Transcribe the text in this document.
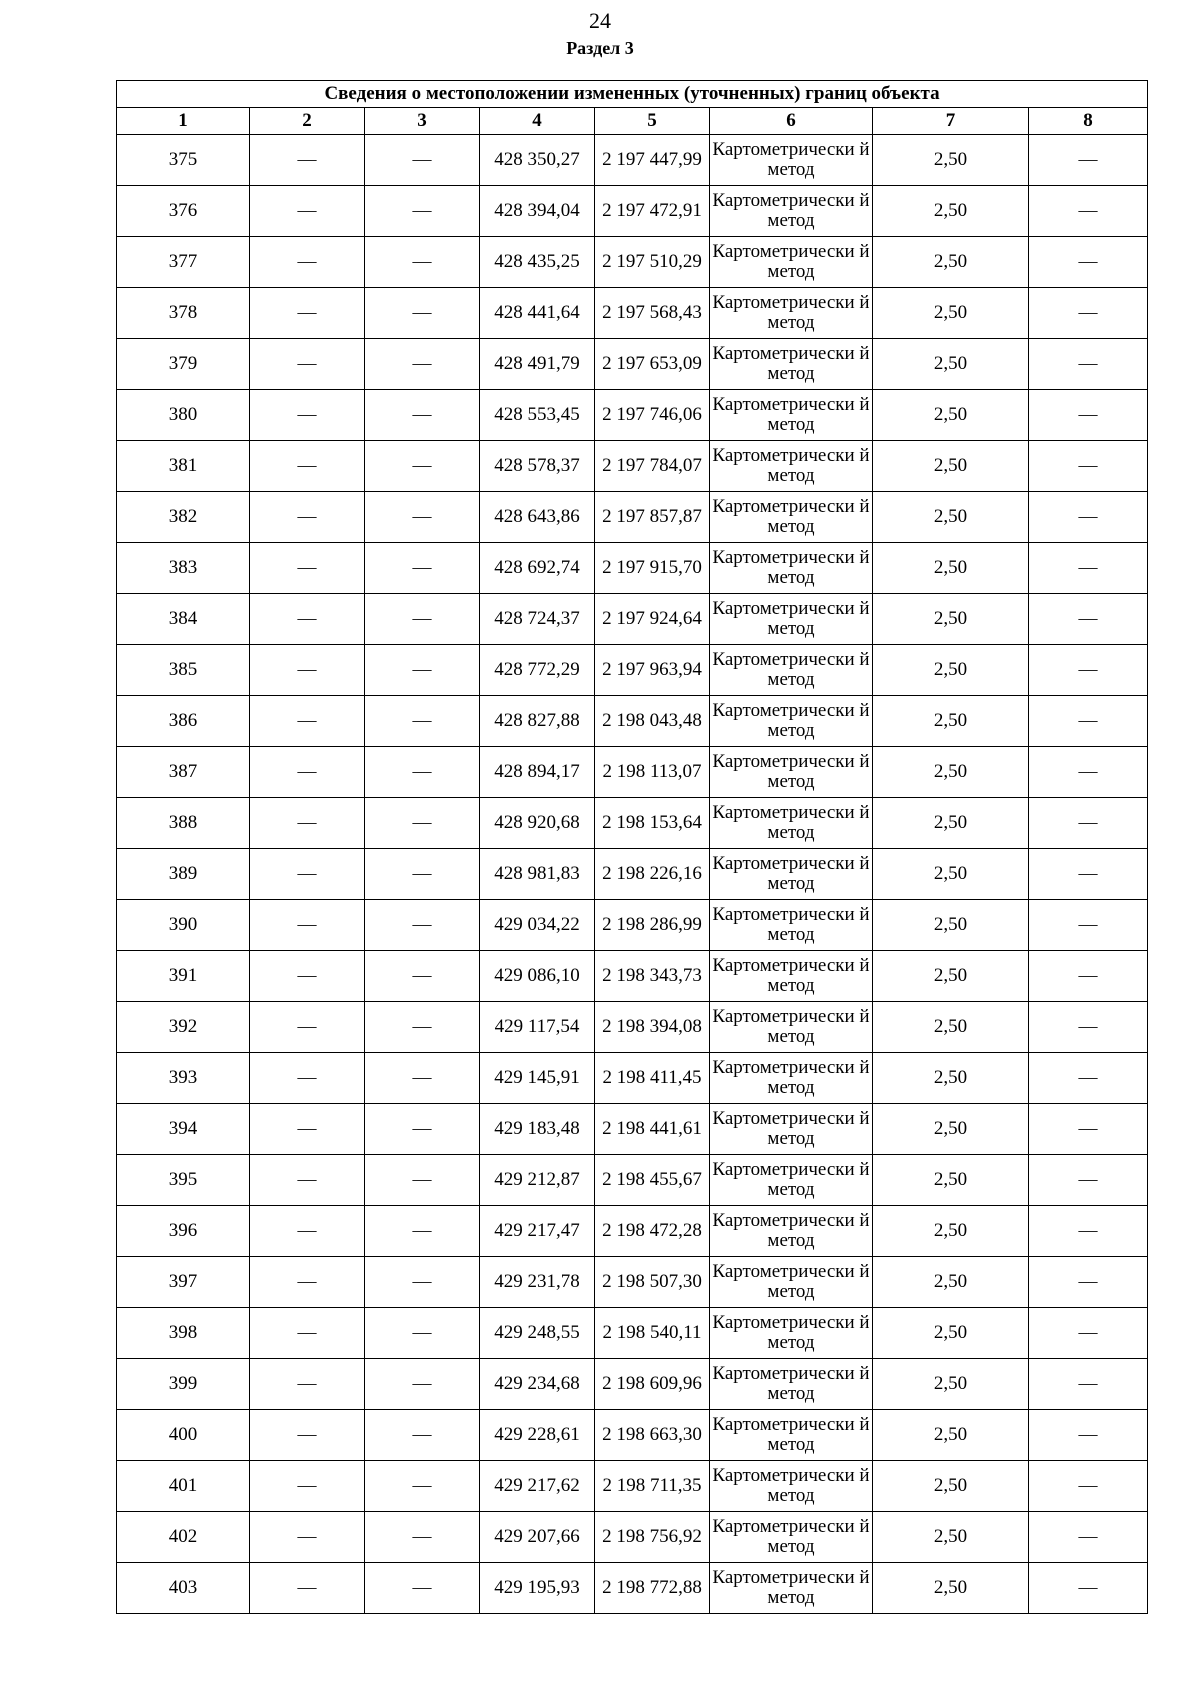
24
Раздел 3
Сведения о местоположении измененных (уточненных) границ объекта							
1	2	3	4	5	6	7	8
375	—	—	428 350,27	2 197 447,99	Картометрически й метод	2,50	—
376	—	—	428 394,04	2 197 472,91	Картометрически й метод	2,50	—
377	—	—	428 435,25	2 197 510,29	Картометрически й метод	2,50	—
378	—	—	428 441,64	2 197 568,43	Картометрически й метод	2,50	—
379	—	—	428 491,79	2 197 653,09	Картометрически й метод	2,50	—
380	—	—	428 553,45	2 197 746,06	Картометрически й метод	2,50	—
381	—	—	428 578,37	2 197 784,07	Картометрически й метод	2,50	—
382	—	—	428 643,86	2 197 857,87	Картометрически й метод	2,50	—
383	—	—	428 692,74	2 197 915,70	Картометрически й метод	2,50	—
384	—	—	428 724,37	2 197 924,64	Картометрически й метод	2,50	—
385	—	—	428 772,29	2 197 963,94	Картометрически й метод	2,50	—
386	—	—	428 827,88	2 198 043,48	Картометрически й метод	2,50	—
387	—	—	428 894,17	2 198 113,07	Картометрически й метод	2,50	—
388	—	—	428 920,68	2 198 153,64	Картометрически й метод	2,50	—
389	—	—	428 981,83	2 198 226,16	Картометрически й метод	2,50	—
390	—	—	429 034,22	2 198 286,99	Картометрически й метод	2,50	—
391	—	—	429 086,10	2 198 343,73	Картометрически й метод	2,50	—
392	—	—	429 117,54	2 198 394,08	Картометрически й метод	2,50	—
393	—	—	429 145,91	2 198 411,45	Картометрически й метод	2,50	—
394	—	—	429 183,48	2 198 441,61	Картометрически й метод	2,50	—
395	—	—	429 212,87	2 198 455,67	Картометрически й метод	2,50	—
396	—	—	429 217,47	2 198 472,28	Картометрически й метод	2,50	—
397	—	—	429 231,78	2 198 507,30	Картометрически й метод	2,50	—
398	—	—	429 248,55	2 198 540,11	Картометрически й метод	2,50	—
399	—	—	429 234,68	2 198 609,96	Картометрически й метод	2,50	—
400	—	—	429 228,61	2 198 663,30	Картометрически й метод	2,50	—
401	—	—	429 217,62	2 198 711,35	Картометрически й метод	2,50	—
402	—	—	429 207,66	2 198 756,92	Картометрически й метод	2,50	—
403	—	—	429 195,93	2 198 772,88	Картометрически й метод	2,50	—
